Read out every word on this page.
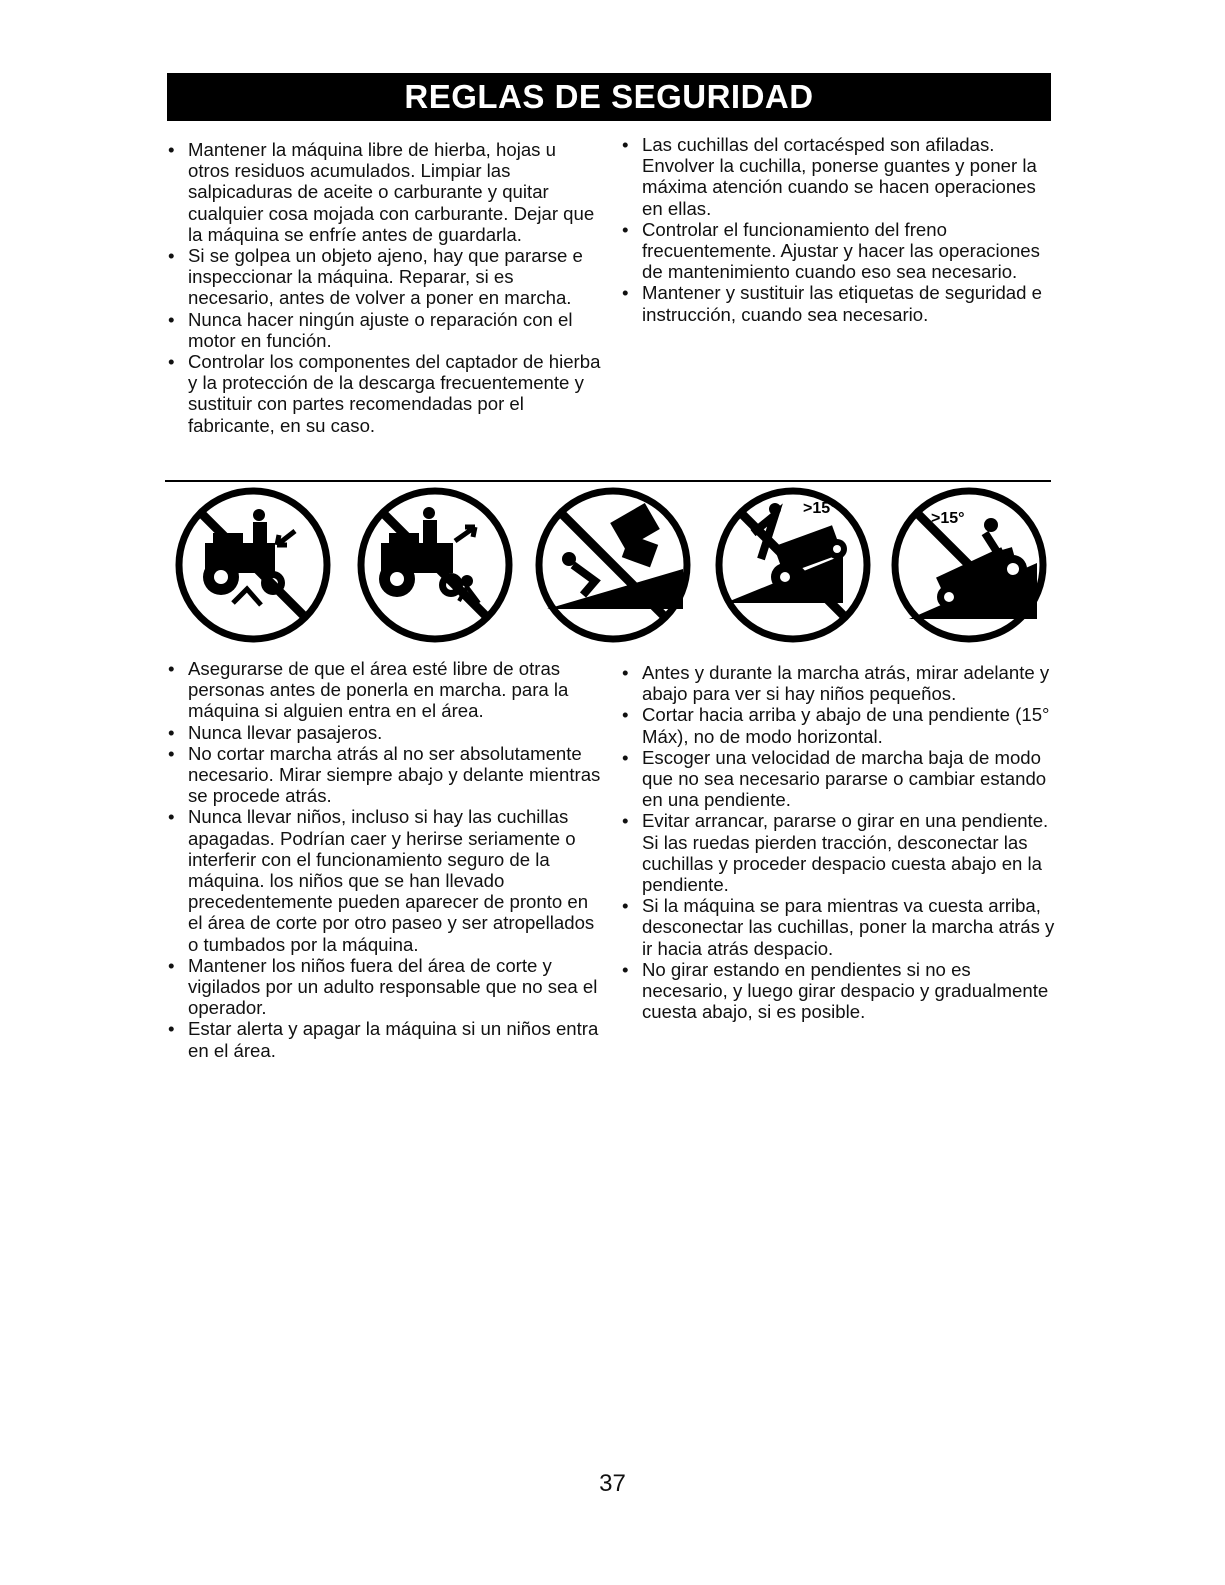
REGLAS DE SEGURIDAD
• Mantener la máquina libre de hierba, hojas u otros residuos acumulados. Limpiar las salpicaduras de aceite o carburante y quitar cualquier cosa mojada con carburante. Dejar que la máquina se enfríe antes de guardarla.
• Si se golpea un objeto ajeno, hay que pararse e inspeccionar la máquina. Reparar, si es necesario, antes de volver a poner en marcha.
• Nunca hacer ningún ajuste o reparación con el motor en función.
• Controlar los componentes del captador de hierba y la protección de la descarga frecuentemente y sustituir con partes recomendadas por el fabricante, en su caso.
• Las cuchillas del cortacésped son afiladas. Envolver la cuchilla, ponerse guantes y poner la máxima atención cuando se hacen operaciones en ellas.
• Controlar el funcionamiento del freno frecuentemente. Ajustar y hacer las operaciones de mantenimiento cuando eso sea necesario.
• Mantener y sustituir las etiquetas de seguridad e instrucción, cuando sea necesario.
>15°
>15°
• Asegurarse de que el área esté libre de otras personas antes de ponerla en marcha. para la máquina si alguien entra en el área.
• Nunca llevar pasajeros.
• No cortar marcha atrás al no ser absolutamente necesario. Mirar siempre abajo y delante mientras se procede atrás.
• Nunca llevar niños, incluso si hay las cuchillas apagadas. Podrían caer y herirse seriamente o interferir con el funcionamiento seguro de la máquina. los niños que se han llevado precedentemente pueden aparecer de pronto en el área de corte por otro paseo y ser atropellados o tumbados por la máquina.
• Mantener los niños fuera del área de corte y vigilados por un adulto responsable que no sea el operador.
• Estar alerta y apagar la máquina si un niños entra en el área.
• Antes y durante la marcha atrás, mirar adelante y abajo para ver si hay niños pequeños.
• Cortar hacia arriba y abajo de una pendiente (15° Máx), no de modo horizontal.
• Escoger una velocidad de marcha baja de modo que no sea necesario pararse o cambiar estando en una pendiente.
• Evitar arrancar, pararse o girar en una pendiente. Si las ruedas pierden tracción, desconectar las cuchillas y proceder despacio cuesta abajo en la pendiente.
• Si la máquina se para mientras va cuesta arriba, desconectar las cuchillas, poner la marcha atrás y ir hacia atrás despacio.
• No girar estando en pendientes si no es necesario, y luego girar despacio y gradualmente cuesta abajo, si es posible.
37
